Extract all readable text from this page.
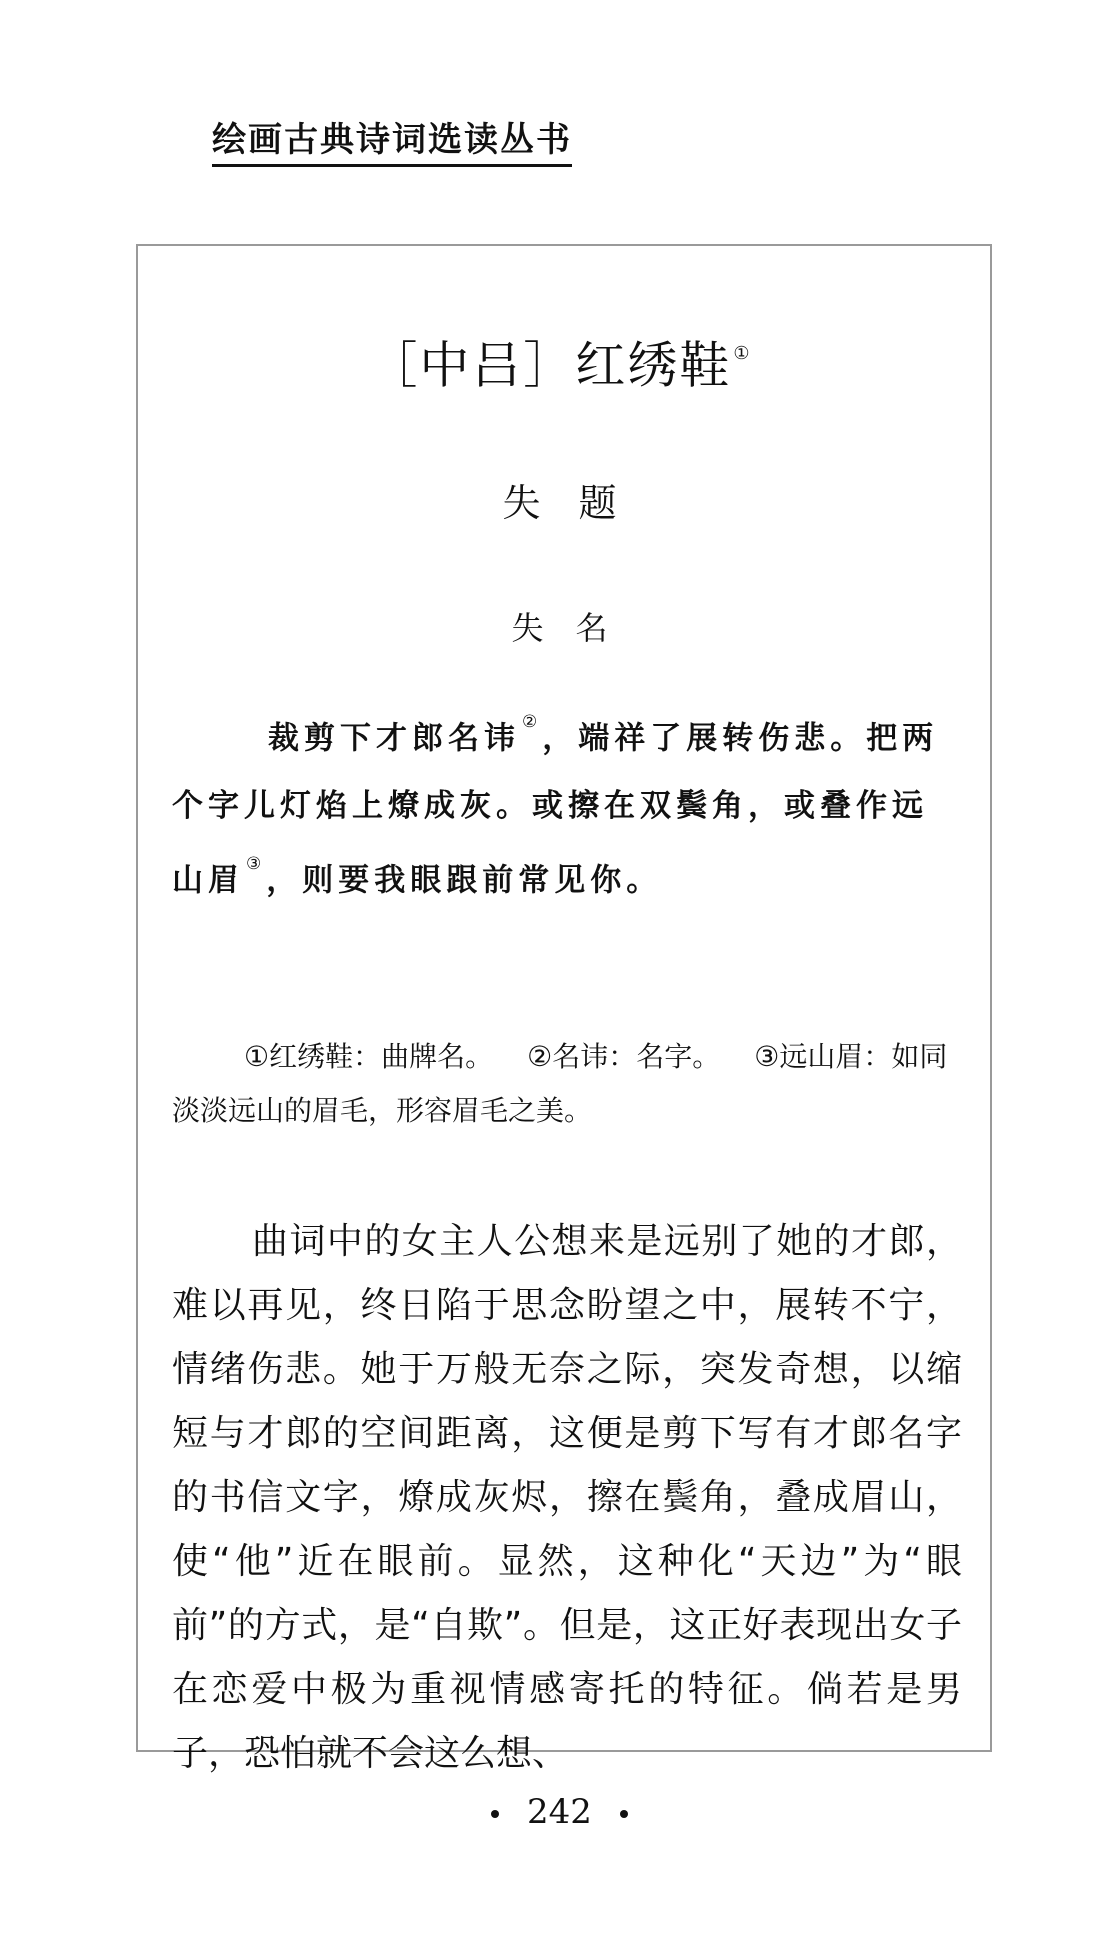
绘画古典诗词选读丛书
［中吕］红绣鞋 ①
失题
失名
裁剪下才郎名讳 ②，端祥了展转伤悲。把两个字儿灯焰上燎成灰。或擦在双鬓角，或叠作远山眉 ③，则要我眼跟前常见你。
①红绣鞋：曲牌名。 ②名讳：名字。 ③远山眉：如同淡淡远山的眉毛，形容眉毛之美。
曲词中的女主人公想来是远别了她的才郎，难以再见，终日陷于思念盼望之中，展转不宁，情绪伤悲。她于万般无奈之际，突发奇想，以缩短与才郎的空间距离，这便是剪下写有才郎名字的书信文字，燎成灰烬，擦在鬓角，叠成眉山，使“他”近在眼前。显然，这种化“天边”为“眼前”的方式，是“自欺”。但是，这正好表现出女子在恋爱中极为重视情感寄托的特征。倘若是男子，恐怕就不会这么想、
242
